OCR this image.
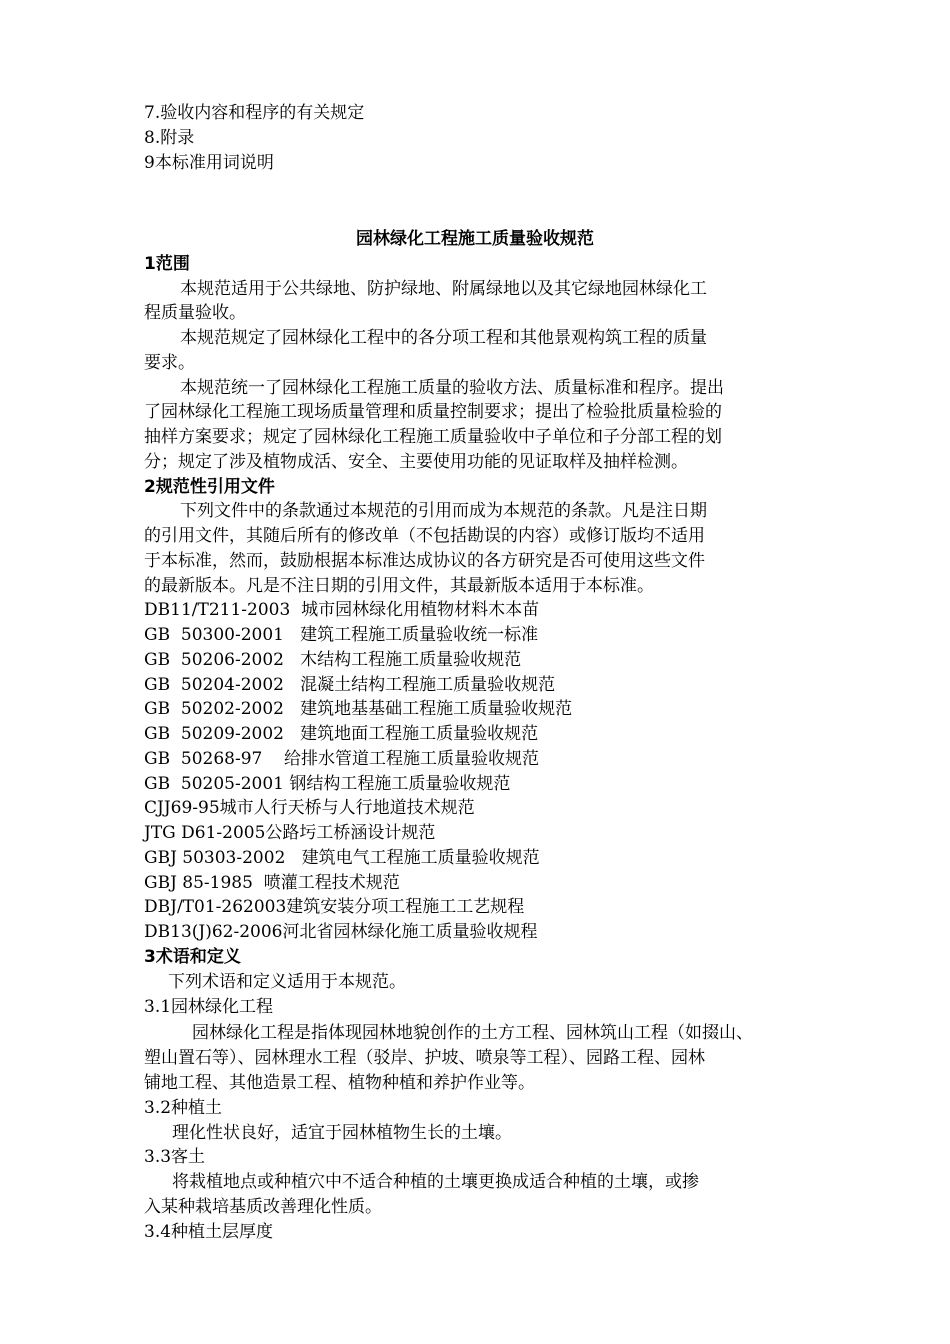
7.验收内容和程序的有关规定
8.附录
9本标准用词说明
园林绿化工程施工质量验收规范
1范围
本规范适用于公共绿地、防护绿地、附属绿地以及其它绿地园林绿化工
程质量验收。
本规范规定了园林绿化工程中的各分项工程和其他景观构筑工程的质量
要求。
本规范统一了园林绿化工程施工质量的验收方法、质量标准和程序。提出
了园林绿化工程施工现场质量管理和质量控制要求；提出了检验批质量检验的
抽样方案要求；规定了园林绿化工程施工质量验收中子单位和子分部工程的划
分；规定了涉及植物成活、安全、主要使用功能的见证取样及抽样检测。
2规范性引用文件
下列文件中的条款通过本规范的引用而成为本规范的条款。凡是注日期
的引用文件，其随后所有的修改单（不包括勘误的内容）或修订版均不适用
于本标准，然而，鼓励根据本标准达成协议的各方研究是否可使用这些文件
的最新版本。凡是不注日期的引用文件，其最新版本适用于本标准。
DB11/T211-2003  城市园林绿化用植物材料木本苗
GB  50300-2001   建筑工程施工质量验收统一标准
GB  50206-2002   木结构工程施工质量验收规范
GB  50204-2002   混凝土结构工程施工质量验收规范
GB  50202-2002   建筑地基基础工程施工质量验收规范
GB  50209-2002   建筑地面工程施工质量验收规范
GB  50268-97    给排水管道工程施工质量验收规范
GB  50205-2001 钢结构工程施工质量验收规范
CJJ69-95城市人行天桥与人行地道技术规范
JTG D61-2005公路圬工桥涵设计规范
GBJ 50303-2002   建筑电气工程施工质量验收规范
GBJ 85-1985  喷灌工程技术规范
DBJ/T01-262003建筑安装分项工程施工工艺规程
DB13(J)62-2006河北省园林绿化施工质量验收规程
3术语和定义
下列术语和定义适用于本规范。
3.1园林绿化工程
园林绿化工程是指体现园林地貌创作的土方工程、园林筑山工程（如掇山、
塑山置石等）、园林理水工程（驳岸、护坡、喷泉等工程）、园路工程、园林
铺地工程、其他造景工程、植物种植和养护作业等。
3.2种植土
理化性状良好，适宜于园林植物生长的土壤。
3.3客土
将栽植地点或种植穴中不适合种植的土壤更换成适合种植的土壤，或掺
入某种栽培基质改善理化性质。
3.4种植土层厚度
